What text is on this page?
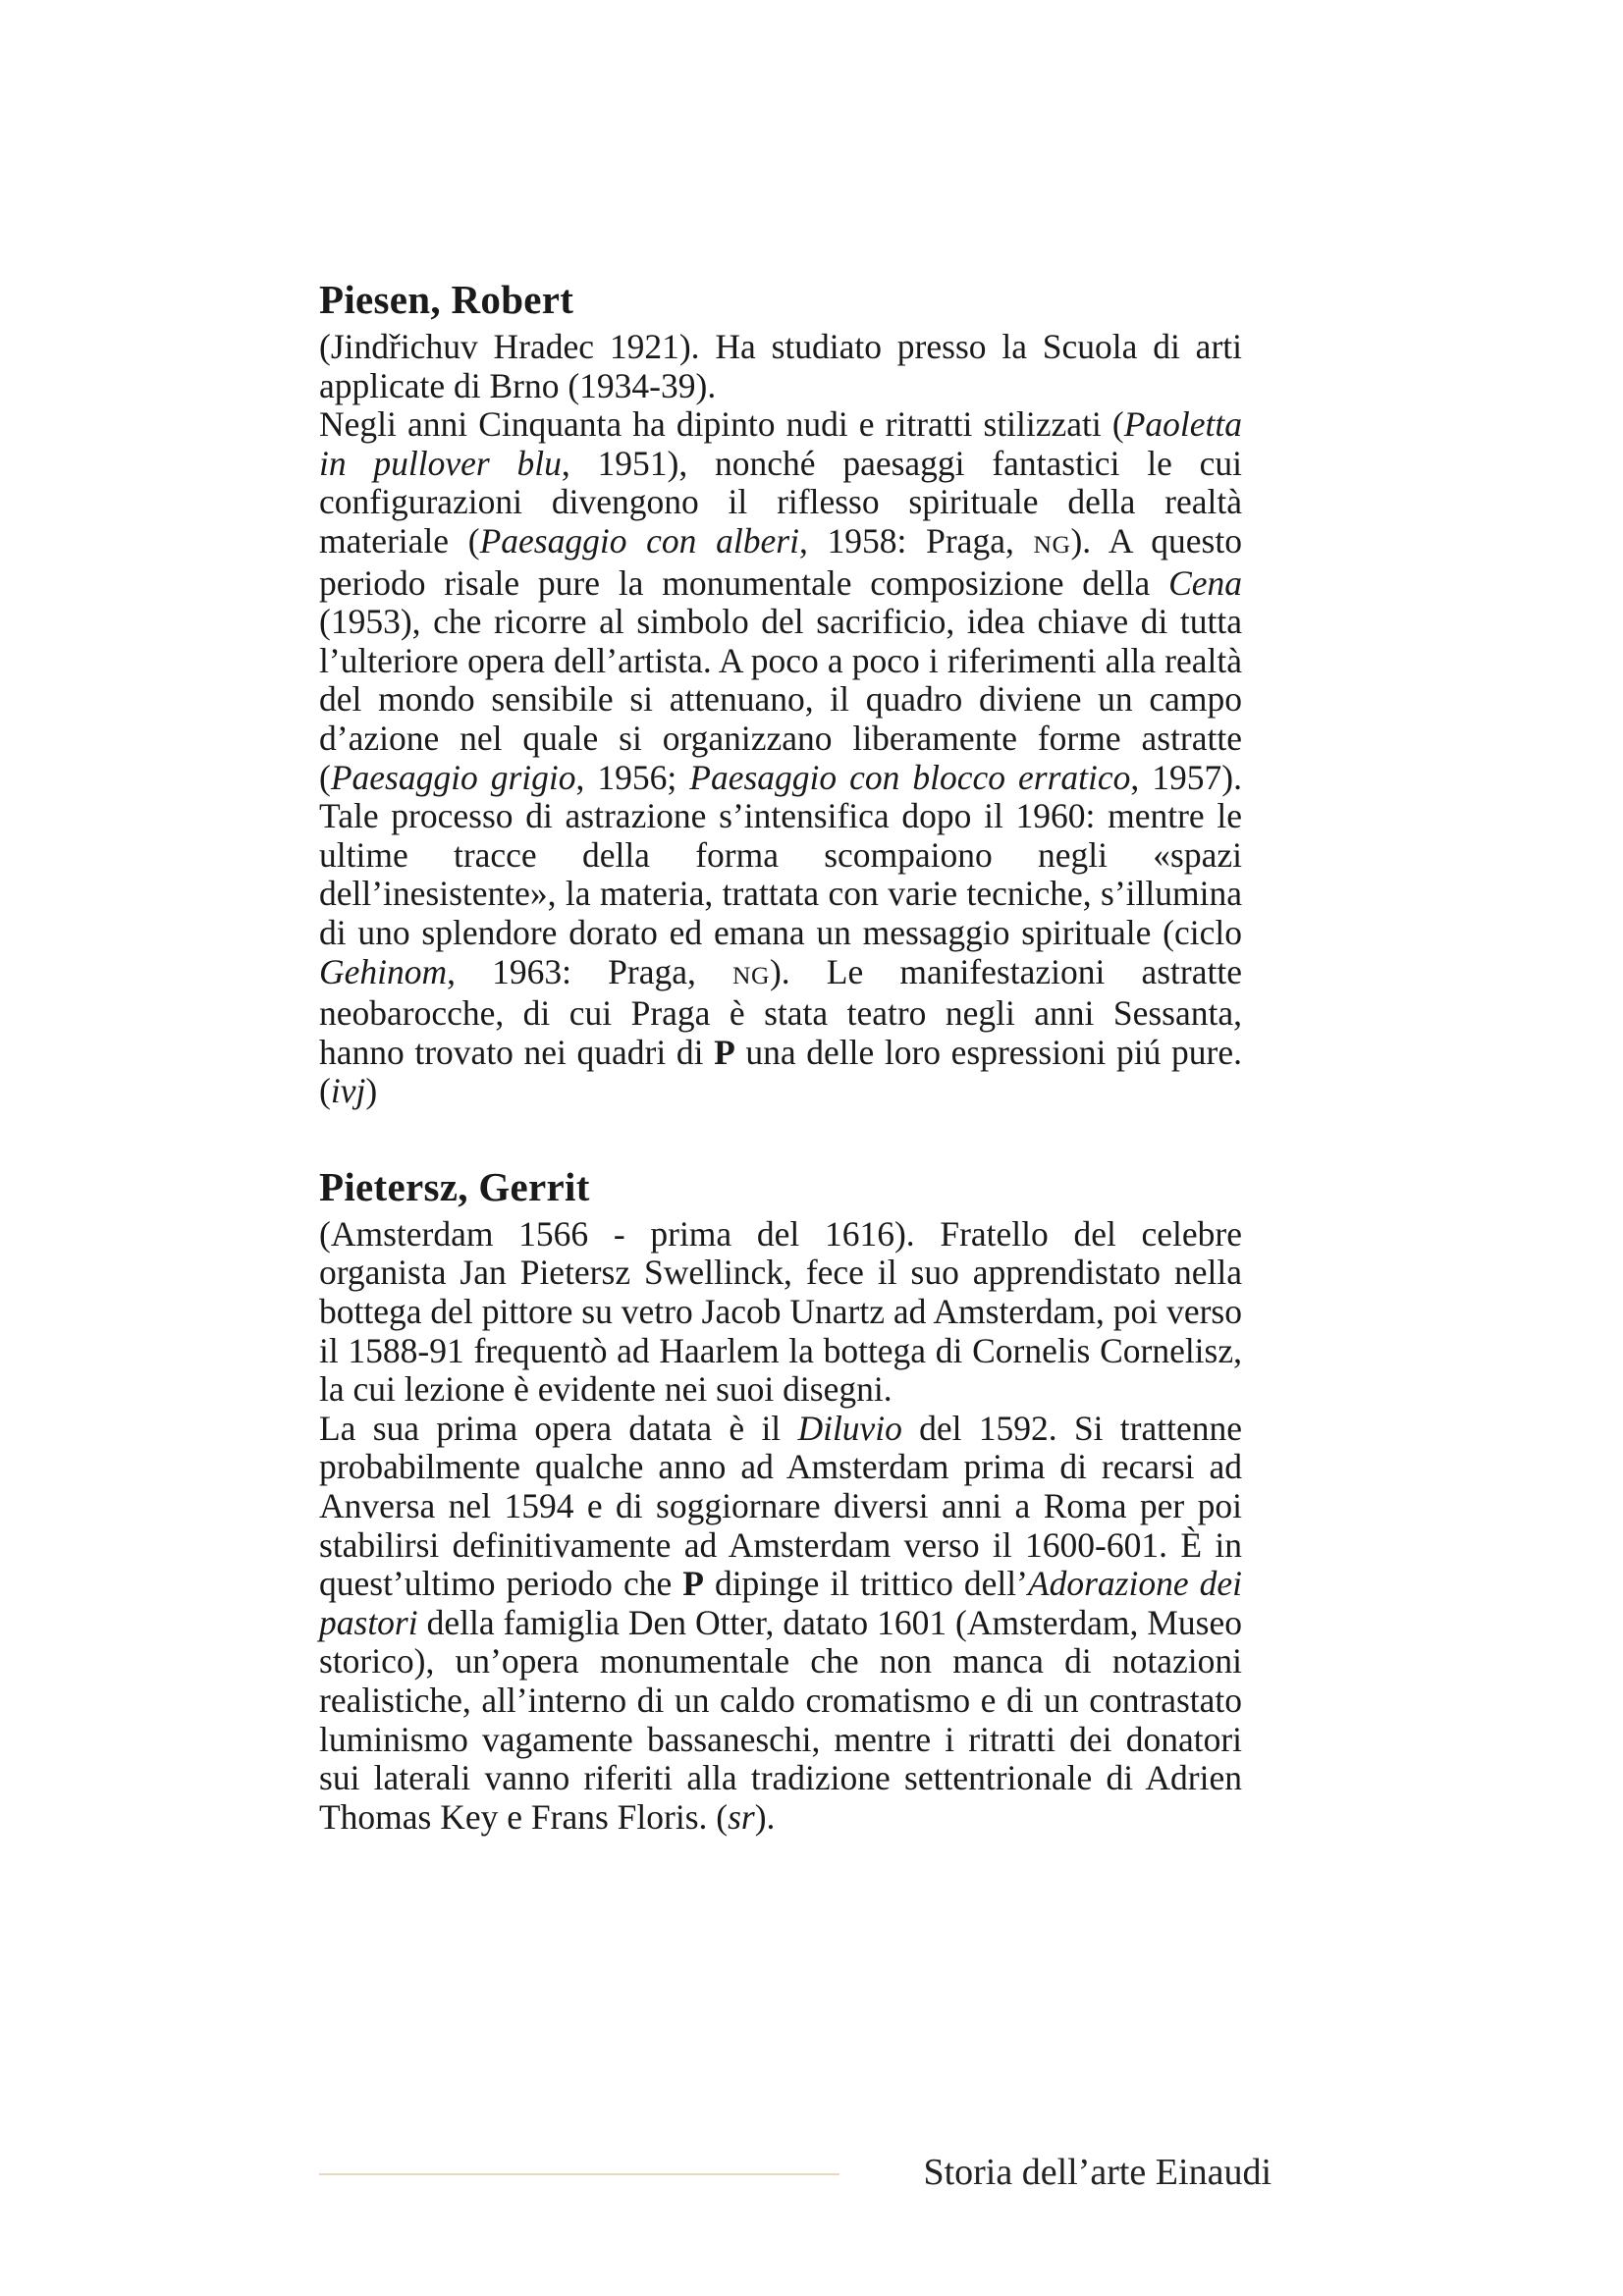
Piesen, Robert

(Jindřichuv Hradec 1921). Ha studiato presso la Scuola di arti applicate di Brno (1934-39).

Negli anni Cinquanta ha dipinto nudi e ritratti stilizzati (Paoletta in pullover blu, 1951), nonché paesaggi fantastici le cui configurazioni divengono il riflesso spirituale della realtà materiale (Paesaggio con alberi, 1958: Praga, NG). A questo periodo risale pure la monumentale composizione della Cena (1953), che ricorre al simbolo del sacrificio, idea chiave di tutta l’ulteriore opera dell’artista. A poco a poco i riferimenti alla realtà del mondo sensibile si attenuano, il quadro diviene un campo d’azione nel quale si organizzano liberamente forme astratte (Paesaggio grigio, 1956; Paesaggio con blocco erratico, 1957). Tale processo di astrazione s’intensifica dopo il 1960: mentre le ultime tracce della forma scompaiono negli «spazi dell’inesistente», la materia, trattata con varie tecniche, s’illumina di uno splendore dorato ed emana un messaggio spirituale (ciclo Gehinom, 1963: Praga, NG). Le manifestazioni astratte neobarocche, di cui Praga è stata teatro negli anni Sessanta, hanno trovato nei quadri di P una delle loro espressioni piú pure. (ivj)

Pietersz, Gerrit

(Amsterdam 1566 - prima del 1616). Fratello del celebre organista Jan Pietersz Swellinck, fece il suo apprendistato nella bottega del pittore su vetro Jacob Unartz ad Amsterdam, poi verso il 1588-91 frequentò ad Haarlem la bottega di Cornelis Cornelisz, la cui lezione è evidente nei suoi disegni.

La sua prima opera datata è il Diluvio del 1592. Si trattenne probabilmente qualche anno ad Amsterdam prima di recarsi ad Anversa nel 1594 e di soggiornare diversi anni a Roma per poi stabilirsi definitivamente ad Amsterdam verso il 1600-601. È in quest’ultimo periodo che P dipinge il trittico dell’Adorazione dei pastori della famiglia Den Otter, datato 1601 (Amsterdam, Museo storico), un’opera monumentale che non manca di notazioni realistiche, all’interno di un caldo cromatismo e di un contrastato luminismo vagamente bassaneschi, mentre i ritratti dei donatori sui laterali vanno riferiti alla tradizione settentrionale di Adrien Thomas Key e Frans Floris. (sr).

Storia dell’arte Einaudi
